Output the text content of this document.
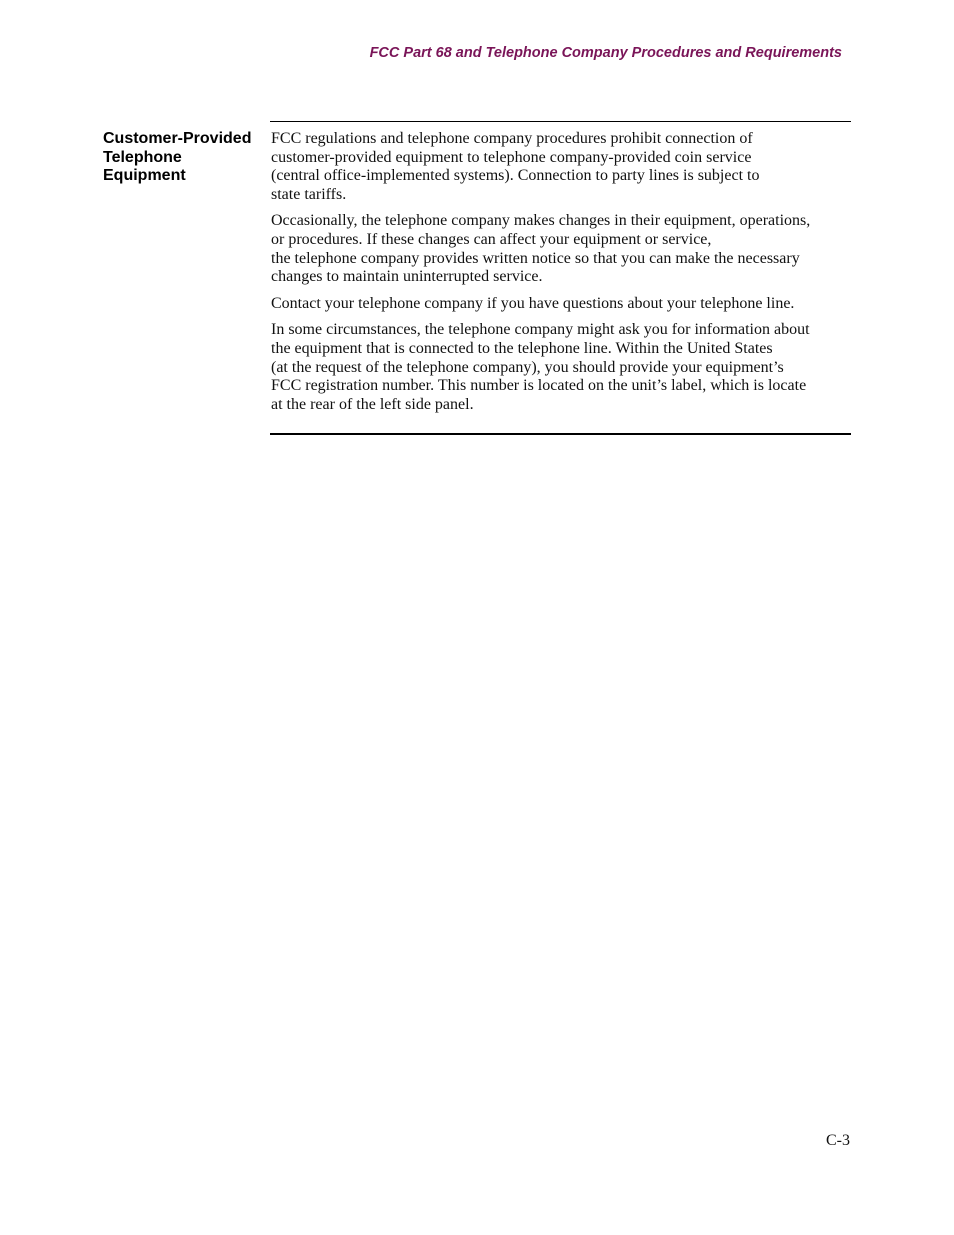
FCC Part 68 and Telephone Company Procedures and Requirements
Customer-Provided
Telephone
Equipment

FCC regulations and telephone company procedures prohibit connection of
customer-provided equipment to telephone company-provided coin service
(central office-implemented systems). Connection to party lines is subject to
state tariffs.

Occasionally, the telephone company makes changes in their equipment, operations,
or procedures. If these changes can affect your equipment or service,
the telephone company provides written notice so that you can make the necessary
changes to maintain uninterrupted service.

Contact your telephone company if you have questions about your telephone line.

In some circumstances, the telephone company might ask you for information about
the equipment that is connected to the telephone line. Within the United States
(at the request of the telephone company), you should provide your equipment’s
FCC registration number. This number is located on the unit’s label, which is locate
at the rear of the left side panel.

C-3
